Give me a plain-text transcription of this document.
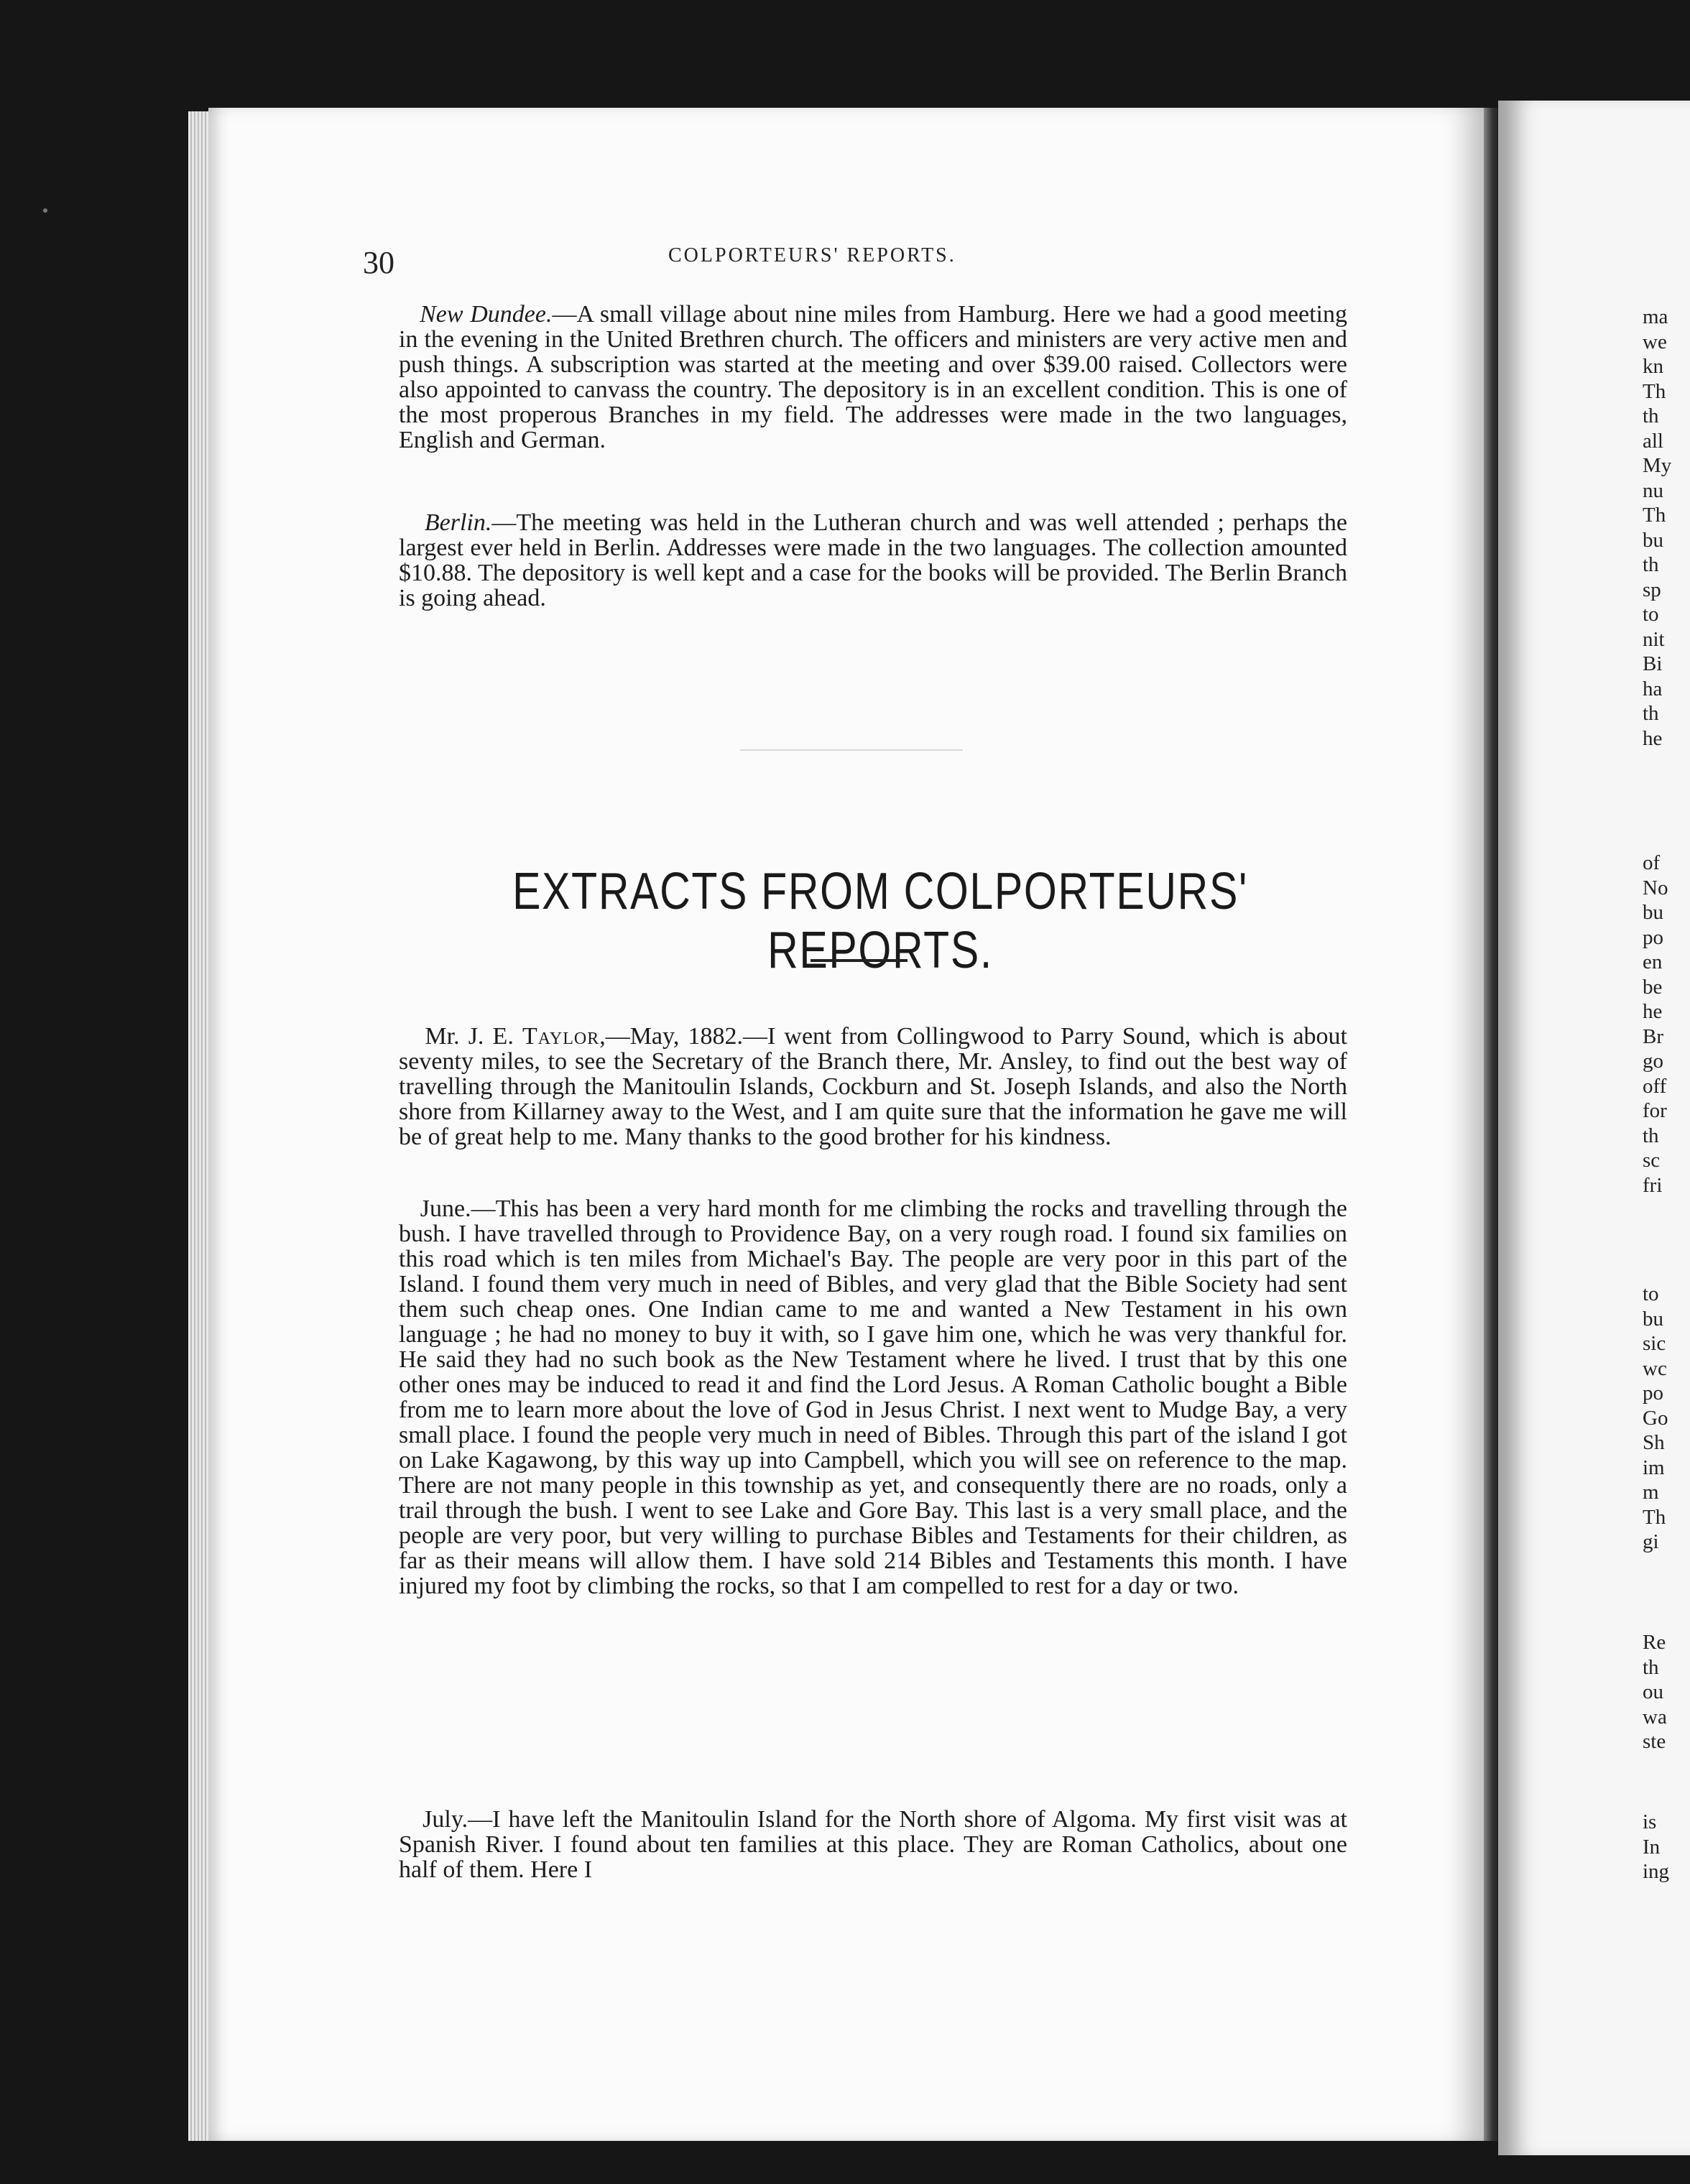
ma
we
kn
Th
th
all
My
nu
Th
bu
th
sp
to
nit
Bi
ha
th
he
of
No
bu
po
en
be
he
Br
go
off
for
th
sc
fri
to
bu
sic
wc
po
Go
Sh
im
m
Th
gi
Re
th
ou
wa
ste
is
In
ing
30	COLPORTEURS' REPORTS.
New Dundee.—A small village about nine miles from Hamburg. Here we had a good meeting in the evening in the United Brethren church. The officers and ministers are very active men and push things. A subscription was started at the meeting and over $39.00 raised. Collectors were also appointed to canvass the country. The depository is in an excellent condition. This is one of the most properous Branches in my field. The addresses were made in the two languages, English and German.
Berlin.—The meeting was held in the Lutheran church and was well attended ; perhaps the largest ever held in Berlin. Addresses were made in the two languages. The collection amounted $10.88. The depository is well kept and a case for the books will be provided. The Berlin Branch is going ahead.
EXTRACTS FROM COLPORTEURS' REPORTS.
Mr. J. E. Taylor,—May, 1882.—I went from Collingwood to Parry Sound, which is about seventy miles, to see the Secretary of the Branch there, Mr. Ansley, to find out the best way of travelling through the Manitoulin Islands, Cockburn and St. Joseph Islands, and also the North shore from Killarney away to the West, and I am quite sure that the information he gave me will be of great help to me. Many thanks to the good brother for his kindness.
June.—This has been a very hard month for me climbing the rocks and travelling through the bush. I have travelled through to Providence Bay, on a very rough road. I found six families on this road which is ten miles from Michael's Bay. The people are very poor in this part of the Island. I found them very much in need of Bibles, and very glad that the Bible Society had sent them such cheap ones. One Indian came to me and wanted a New Testament in his own language ; he had no money to buy it with, so I gave him one, which he was very thankful for. He said they had no such book as the New Testament where he lived. I trust that by this one other ones may be induced to read it and find the Lord Jesus. A Roman Catholic bought a Bible from me to learn more about the love of God in Jesus Christ. I next went to Mudge Bay, a very small place. I found the people very much in need of Bibles. Through this part of the island I got on Lake Kagawong, by this way up into Campbell, which you will see on reference to the map. There are not many people in this township as yet, and consequently there are no roads, only a trail through the bush. I went to see Lake and Gore Bay. This last is a very small place, and the people are very poor, but very willing to purchase Bibles and Testaments for their children, as far as their means will allow them. I have sold 214 Bibles and Testaments this month. I have injured my foot by climbing the rocks, so that I am compelled to rest for a day or two.
July.—I have left the Manitoulin Island for the North shore of Algoma. My first visit was at Spanish River. I found about ten families at this place. They are Roman Catholics, about one half of them. Here I
